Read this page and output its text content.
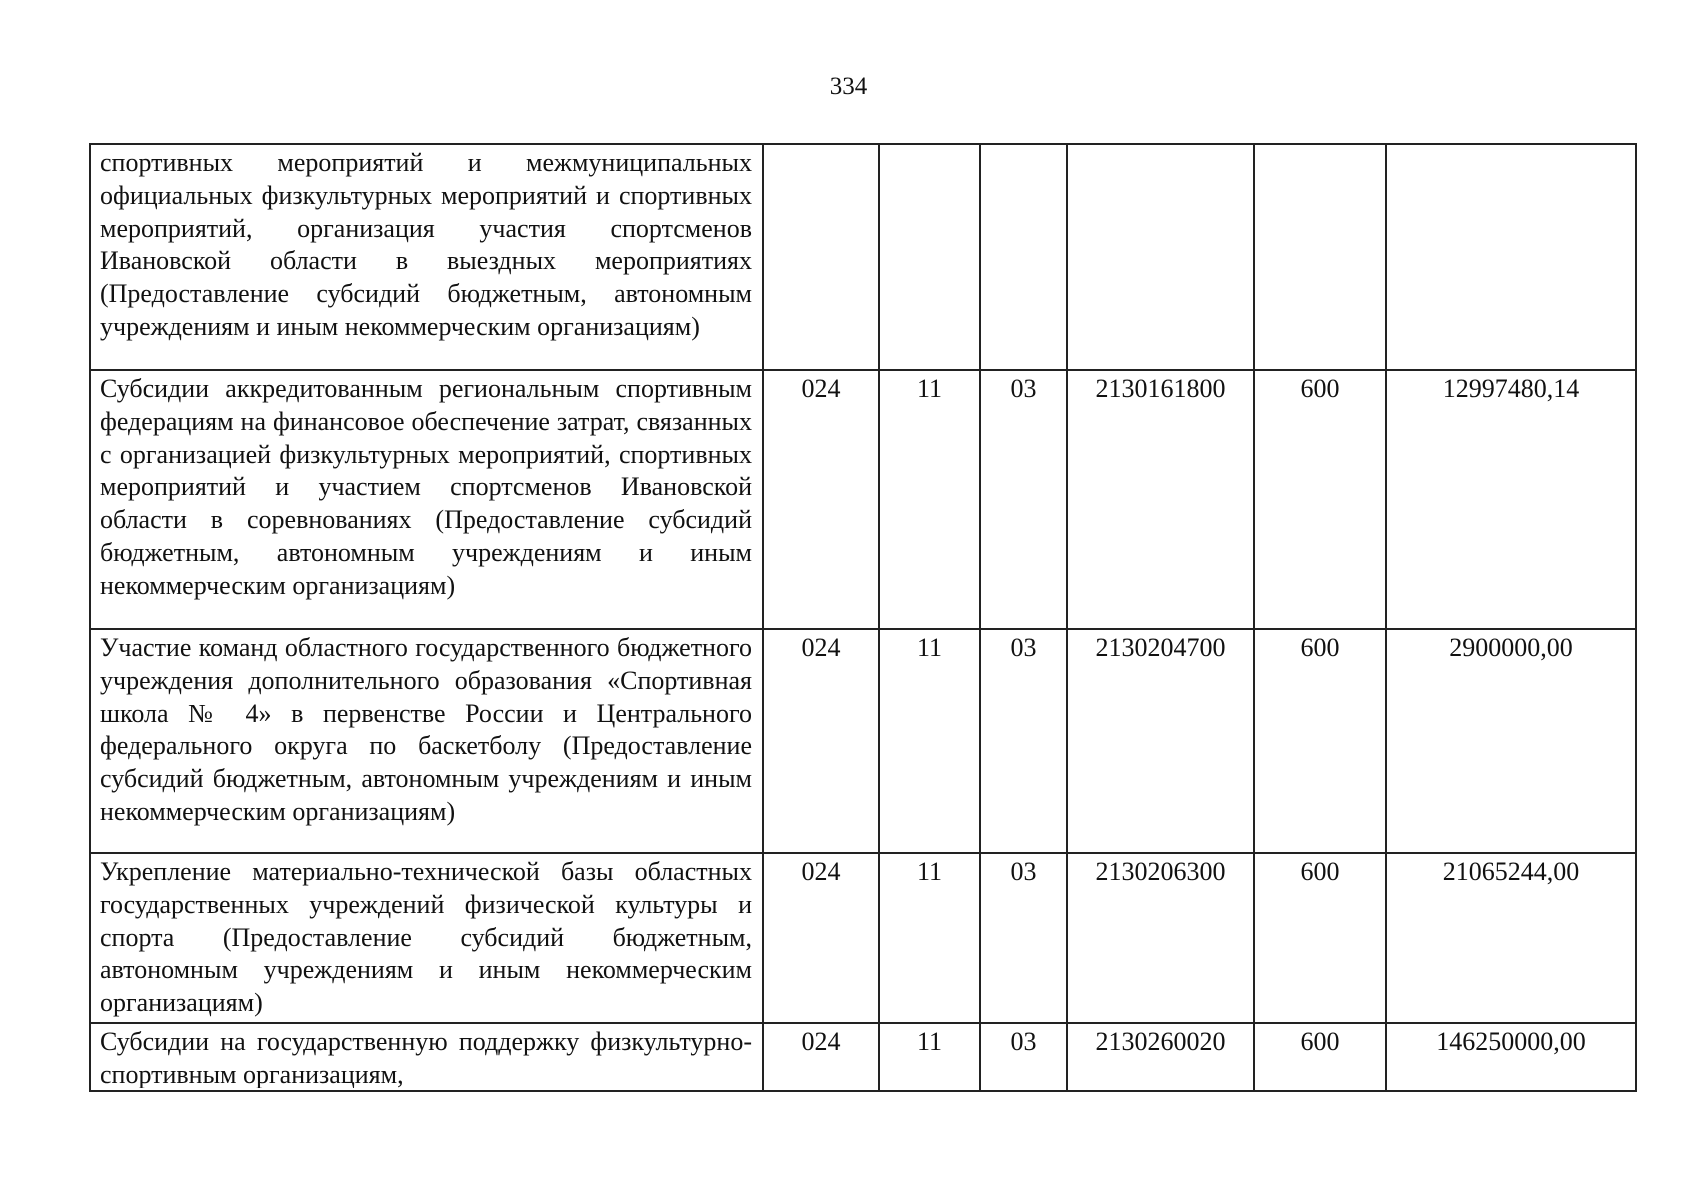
334
спортивных мероприятий и межмуниципальных официальных физкультурных мероприятий и спортивных мероприятий, организация участия спортсменов Ивановской области в выездных мероприятиях (Предоставление субсидий бюджетным, автономным учреждениям и иным некоммерческим организациям)						
Субсидии аккредитованным региональным спортивным федерациям на финансовое обеспечение затрат, связанных с организацией физкультурных мероприятий, спортивных мероприятий и участием спортсменов Ивановской области в соревнованиях (Предоставление субсидий бюджетным, автономным учреждениям и иным некоммерческим организациям)	024	11	03	2130161800	600	12997480,14
Участие команд областного государственного бюджетного учреждения дополнительного образования «Спортивная школа № 4» в первенстве России и Центрального федерального округа по баскетболу (Предоставление субсидий бюджетным, автономным учреждениям и иным некоммерческим организациям)	024	11	03	2130204700	600	2900000,00
Укрепление материально-технической базы областных государственных учреждений физической культуры и спорта (Предоставление субсидий бюджетным, автономным учреждениям и иным некоммерческим организациям)	024	11	03	2130206300	600	21065244,00

Субсидии на государственную поддержку физкультурно-спортивным организациям,	024	11	03	2130260020	600	146250000,00
